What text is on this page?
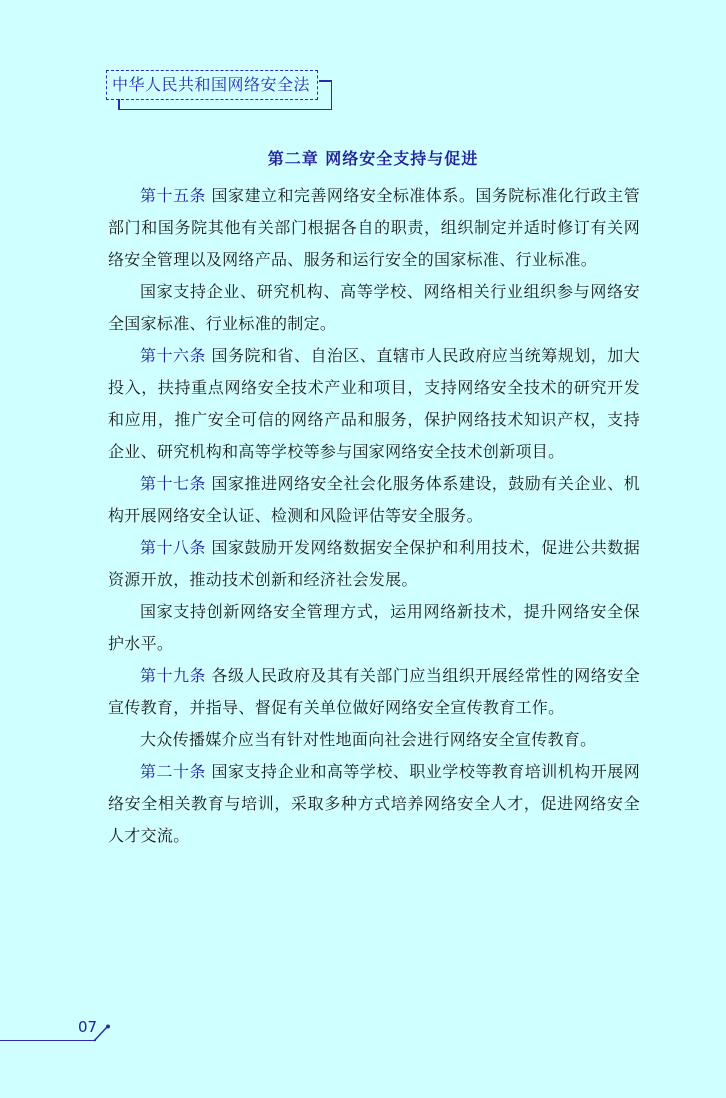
中华人民共和国网络安全法
第二章 网络安全支持与促进

第十五条 国家建立和完善网络安全标准体系。国务院标准化行政主管部门和国务院其他有关部门根据各自的职责，组织制定并适时修订有关网络安全管理以及网络产品、服务和运行安全的国家标准、行业标准。

国家支持企业、研究机构、高等学校、网络相关行业组织参与网络安全国家标准、行业标准的制定。

第十六条 国务院和省、自治区、直辖市人民政府应当统筹规划，加大投入，扶持重点网络安全技术产业和项目，支持网络安全技术的研究开发和应用，推广安全可信的网络产品和服务，保护网络技术知识产权，支持企业、研究机构和高等学校等参与国家网络安全技术创新项目。

第十七条 国家推进网络安全社会化服务体系建设，鼓励有关企业、机构开展网络安全认证、检测和风险评估等安全服务。

第十八条 国家鼓励开发网络数据安全保护和利用技术，促进公共数据资源开放，推动技术创新和经济社会发展。

国家支持创新网络安全管理方式，运用网络新技术，提升网络安全保护水平。

第十九条 各级人民政府及其有关部门应当组织开展经常性的网络安全宣传教育，并指导、督促有关单位做好网络安全宣传教育工作。

大众传播媒介应当有针对性地面向社会进行网络安全宣传教育。

第二十条 国家支持企业和高等学校、职业学校等教育培训机构开展网络安全相关教育与培训，采取多种方式培养网络安全人才，促进网络安全人才交流。

07
